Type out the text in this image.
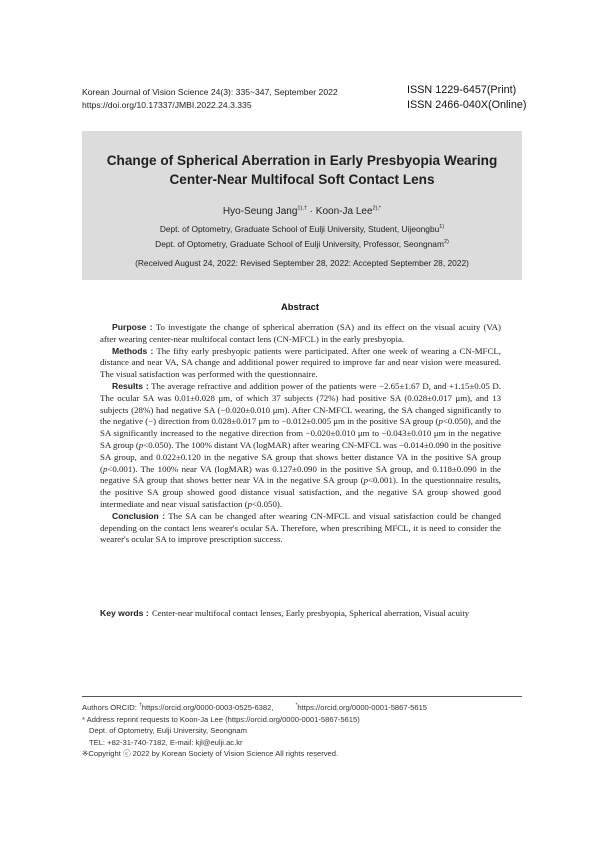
Korean Journal of Vision Science 24(3): 335~347, September 2022
https://doi.org/10.17337/JMBI.2022.24.3.335
ISSN 1229-6457(Print)
ISSN 2466-040X(Online)
Change of Spherical Aberration in Early Presbyopia Wearing
Center-Near Multifocal Soft Contact Lens
Hyo-Seung Jang$^{1),\dagger}$ · Koon-Ja Lee$^{2),*}$
Dept. of Optometry, Graduate School of Eulji University, Student, Uijeongbu$^{1)}$
Dept. of Optometry, Graduate School of Eulji University, Professor, Seongnam$^{2)}$
(Received August 24, 2022: Revised September 28, 2022: Accepted September 28, 2022)
Abstract

Purpose : To investigate the change of spherical aberration (SA) and its effect on the visual acuity (VA) after wearing center-near multifocal contact lens (CN-MFCL) in the early presbyopia.

Methods : The fifty early presbyopic patients were participated. After one week of wearing a CN-MFCL, distance and near VA, SA change and additional power required to improve far and near vision were measured. The visual satisfaction was performed with the questionnaire.

Results : The average refractive and addition power of the patients were −2.65±1.67 D, and +1.15±0.05 D. The ocular SA was 0.01±0.028 μm, of which 37 subjects (72%) had positive SA (0.028±0.017 μm), and 13 subjects (28%) had negative SA (−0.020±0.010 μm). After CN-MFCL wearing, the SA changed significantly to the negative (−) direction from 0.028±0.017 μm to −0.012±0.005 μm in the positive SA group (p<0.050), and the SA significantly increased to the negative direction from −0.020±0.010 μm to −0.043±0.010 μm in the negative SA group (p<0.050). The 100% distant VA (logMAR) after wearing CN-MFCL was −0.014±0.090 in the positive SA group, and 0.022±0.120 in the negative SA group that shows better distance VA in the positive SA group (p<0.001). The 100% near VA (logMAR) was 0.127±0.090 in the positive SA group, and 0.118±0.090 in the negative SA group that shows better near VA in the negative SA group (p<0.001). In the questionnaire results, the positive SA group showed good distance visual satisfaction, and the negative SA group showed good intermediate and near visual satisfaction (p<0.050).

Conclusion : The SA can be changed after wearing CN-MFCL and visual satisfaction could be changed depending on the contact lens wearer's ocular SA. Therefore, when prescribing MFCL, it is need to consider the wearer's ocular SA to improve prescription success.

Key words : Center-near multifocal contact lenses, Early presbyopia, Spherical aberration, Visual acuity
Authors ORCID: †https://orcid.org/0000-0003-0525-6382,	*https://orcid.org/0000-0001-5867-5615
* Address reprint requests to Koon-Ja Lee (https://orcid.org/0000-0001-5867-5615)
Dept. of Optometry, Eulji University, Seongnam
TEL: +82-31-740-7182, E-mail: kjl@eulji.ac.kr
※Copyright ⓒ 2022 by Korean Society of Vision Science All rights reserved.
